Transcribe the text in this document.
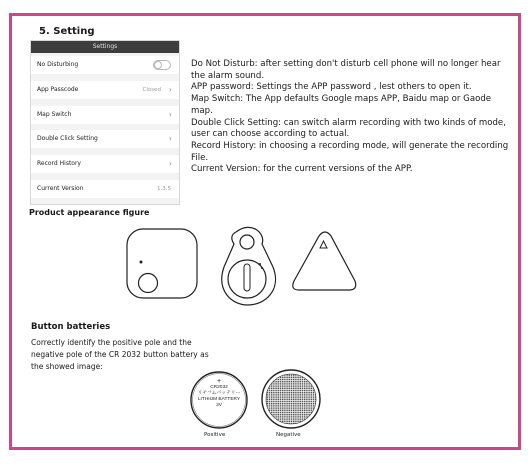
5. Setting
Settings
No Disturbing
App Passcode	Closed ›
Map Switch	›
Double Click Setting	›
Record History	›
Current Version	1.3.5

Do Not Disturb: after setting don't disturb cell phone will no longer hear the alarm sound.

APP password: Settings the APP password , lest others to open it.

Map Switch: The App defaults Google maps APP, Baidu map or Gaode map.

Double Click Setting: can switch alarm recording with two kinds of mode, user can choose according to actual.

Record History: in choosing a recording mode, will generate the recording File.

Current Version: for the current versions of the APP.

Product appearance figure
+
CR2032
リチフムバッテリー
LITHIUM BATTERY
3V
Positive	Negative
Button batteries
Correctly identify the positive pole and the negative pole of the CR 2032 button battery as the showed image:
